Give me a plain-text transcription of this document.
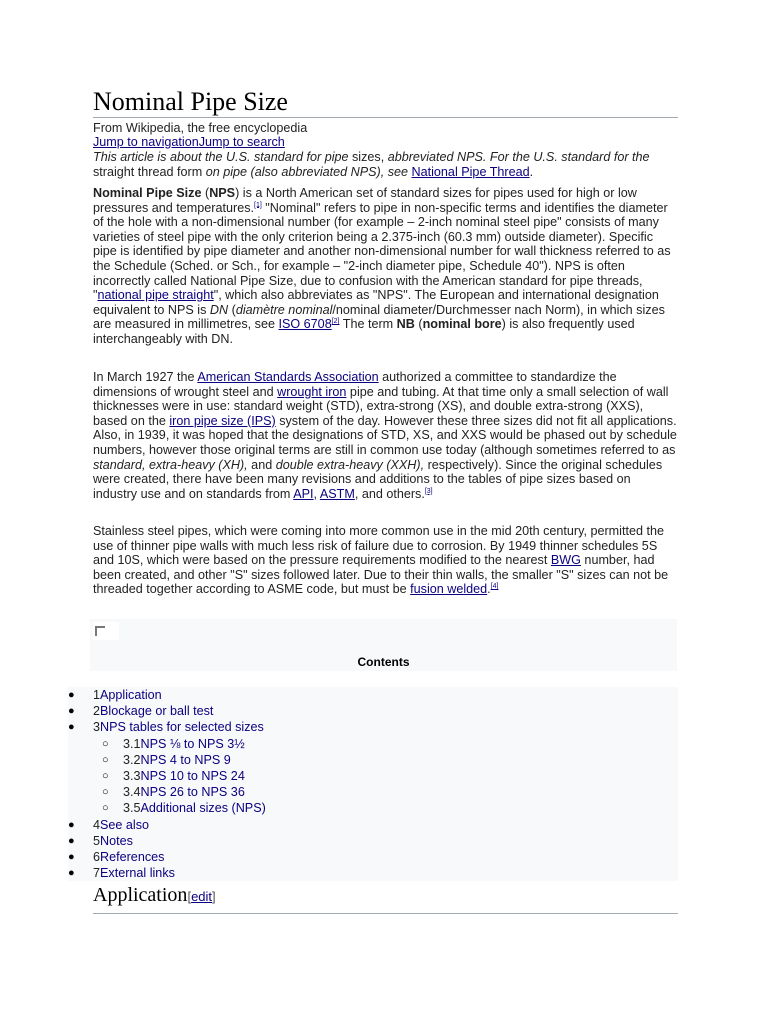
Nominal Pipe Size
From Wikipedia, the free encyclopedia
Jump to navigationJump to search

This article is about the U.S. standard for pipe sizes, abbreviated NPS. For the U.S. standard for the straight thread form on pipe (also abbreviated NPS), see National Pipe Thread.

Nominal Pipe Size (NPS) is a North American set of standard sizes for pipes used for high or low pressures and temperatures.[1] "Nominal" refers to pipe in non-specific terms and identifies the diameter of the hole with a non-dimensional number (for example – 2-inch nominal steel pipe" consists of many varieties of steel pipe with the only criterion being a 2.375-inch (60.3 mm) outside diameter). Specific pipe is identified by pipe diameter and another non-dimensional number for wall thickness referred to as the Schedule (Sched. or Sch., for example – "2-inch diameter pipe, Schedule 40"). NPS is often incorrectly called National Pipe Size, due to confusion with the American standard for pipe threads, "national pipe straight", which also abbreviates as "NPS". The European and international designation equivalent to NPS is DN (diamètre nominal/nominal diameter/Durchmesser nach Norm), in which sizes are measured in millimetres, see ISO 6708[2] The term NB (nominal bore) is also frequently used interchangeably with DN.

In March 1927 the American Standards Association authorized a committee to standardize the dimensions of wrought steel and wrought iron pipe and tubing. At that time only a small selection of wall thicknesses were in use: standard weight (STD), extra-strong (XS), and double extra-strong (XXS), based on the iron pipe size (IPS) system of the day. However these three sizes did not fit all applications. Also, in 1939, it was hoped that the designations of STD, XS, and XXS would be phased out by schedule numbers, however those original terms are still in common use today (although sometimes referred to as standard, extra-heavy (XH), and double extra-heavy (XXH), respectively). Since the original schedules were created, there have been many revisions and additions to the tables of pipe sizes based on industry use and on standards from API, ASTM, and others.[3]

Stainless steel pipes, which were coming into more common use in the mid 20th century, permitted the use of thinner pipe walls with much less risk of failure due to corrosion. By 1949 thinner schedules 5S and 10S, which were based on the pressure requirements modified to the nearest BWG number, had been created, and other "S" sizes followed later. Due to their thin walls, the smaller "S" sizes can not be threaded together according to ASME code, but must be fusion welded.[4]

Contents
● 1Application
● 2Blockage or ball test
● 3NPS tables for selected sizes
○ 3.1NPS ⅛ to NPS 3½
○ 3.2NPS 4 to NPS 9
○ 3.3NPS 10 to NPS 24
○ 3.4NPS 26 to NPS 36
○ 3.5Additional sizes (NPS)
● 4See also
● 5Notes
● 6References
● 7External links
Application[edit]
